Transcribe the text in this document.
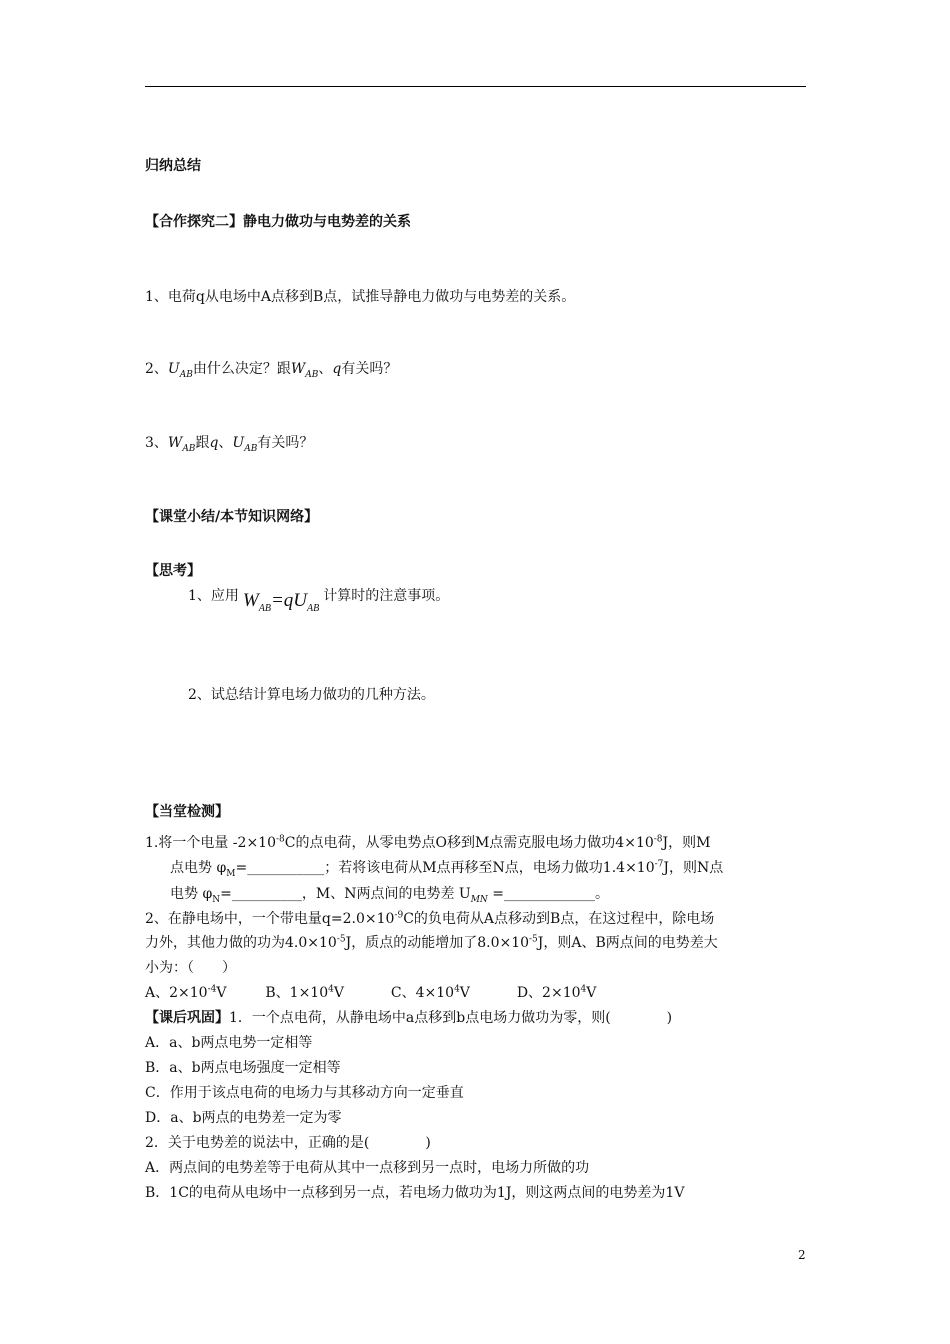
归纳总结
【合作探究二】静电力做功与电势差的关系
1、电荷q从电场中A点移到B点，试推导静电力做功与电势差的关系。
2、$U_{AB}$由什么决定？跟$W_{AB}$、q有关吗？
3、$W_{AB}$跟q、$U_{AB}$有关吗？
【课堂小结/本节知识网络】
【思考】
1、应用 $W_{AB}=qU_{AB}$计算时的注意事项。
2、试总结计算电场力做功的几种方法。
【当堂检测】
1.将一个电量 $-2\times 10^{-8}C$的点电荷，从零电势点O移到M点需克服电场力做功$4\times 10^{-8}J$，则M
点电势 $\varphi_M=\_\_\_\_\_\_\_\_\_\_\_$；若将该电荷从M点再移至N点，电场力做功$1.4\times 10^{-7}J$，则N点
电势 $\varphi_N=\_\_\_\_\_\_\_\_\_\_$，M、N两点间的电势差 $U_{MN}$ =_____________。
2、在静电场中，一个带电量$q=2.0\times 10^{-9}C$的负电荷从A点移动到B点，在这过程中，除电场
力外，其他力做的功为$4.0\times 10^{-5}J$，质点的动能增加了$8.0\times 10^{-5}J$，则A、B两点间的电势差大
小为：（　　）
A、$2\times 10^{-4}V$	B、$1\times 10^4V$	C、$4\times 10^4V$	D、$2\times 10^4V$
【课后巩固】1．一个点电荷，从静电场中a点移到b点电场力做功为零，则(　　　　)
A．a、b两点电势一定相等
B．a、b两点电场强度一定相等
C．作用于该点电荷的电场力与其移动方向一定垂直
D．a、b两点的电势差一定为零
2．关于电势差的说法中，正确的是(　　　　)
A．两点间的电势差等于电荷从其中一点移到另一点时，电场力所做的功
B．1C的电荷从电场中一点移到另一点，若电场力做功为1J，则这两点间的电势差为1V
2
